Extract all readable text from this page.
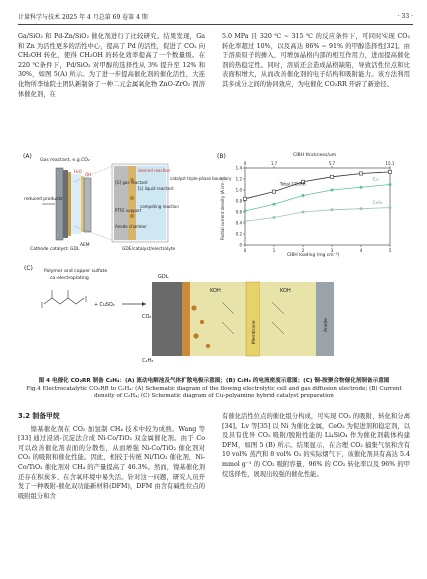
计量科学与技术 2025 年 4 月总第 69 卷第 4 期	· 33 ·

Ga/SiO₂ 和 Pd-Zn/SiO₂ 催化剂进行了比较研究。结果发现，Ga 和 Zn 为活性更多的活性中心，提高了 Pd 的活性，促进了 CO₂ 向 CH₃OH 转化，使得 CH₃OH 的转化效率提高了一个数量级。在 220 ℃条件下，Pd/SiO₂ 对甲醇的选择性从 3% 提升至 12% 和 30%，如图 5(A) 所示。为了进一步提高催化剂的催化活性，大连化物所李灿院士团队新制备了一种二元金属氧化物 ZnO-ZrO₂ 固溶体催化剂，在

5.0 MPa 且 320 ℃ ~ 315 ℃ 的反应条件下，可同时实现 CO₂ 转化率超过 10%，以及高达 86% ~ 91% 的甲醇选择性[32]。由于溶质原子的掺入，可增加晶格内部的相互作用力，进而提高催化剂的热稳定性。同时，溶质还会造成晶格缺陷，导致活性位点和比表面积增大，从而改善催化剂的电子结构和吸附能力。该方法利用其多成分之间的协同效应，为电催化 CO₂RR 开辟了新途径。

(A)
Gas reactant, e.g.CO₂
H₂O
OH
reduced products
Cathode catalyst: GDL
AEM
desired reaction
[G] gas reactant
[L] liquid reactant
PTFE support
Anode chamber
competing reaction
catalyst triple-phase boundary
GDE/catalyst/electrolyte
(B)	CIBH thickness/um
Partial current density (A cm⁻²)
CIBH loading (mg cm⁻²)
0
0.2
0.4
0.6
0.8
1.0
1.2
1.4
0	1	2	3	4	5
0	1.7	5.7	15.1
Total CO₂RR
C₂₊
C₂H₄
(C) Polymer and copper sulfate
co-electroplating
+ CuSO₄
GDL
KOH
Membrane
KOH
Anode
CO₂
C₂H₄
图 4 电催化 CO₂RR 制备 C₂H₄：(A) 流动电解池及气体扩散电极示意图；(B) C₂H₄ 的电流密度示意图；(C) 铜-胺聚合物催化剂制备示意图
Fig.4 Electrocatalytic CO₂RR to C₂H₄: (A) Schematic diagram of the flowing electrolytic cell and gas diffusion electrode; (B) Current density of C₂H₄; (C) Schematic diagram of Cu-polyamine hybrid catalyst preparation
3.2 制备甲烷

镍基催化剂在 CO₂ 加氢制 CH₄ 技术中较为成熟。Wang 等[33] 通过浸渍-沉淀法合成 Ni-Co/TiO₂ 双金属催化剂。由于 Co 可以改善催化剂表面的分散性，从而增强 Ni-Co/TiO₂ 催化剂对 CO₂ 的吸附和催化性能。因此，相较于传统 Ni/TiO₂ 催化剂，Ni-Co/TiO₂ 催化剂对 CH₄ 的产量提高了 46.3%。然而，镍基催化剂还存在积炭多、在含氧环境中易失活。针对这一问题，研究人员开发了一种吸附-催化双功能新材料(DFM)，DFM 由含有碱性位点的吸附组分和含

有催化活性位点的催化组分构成，可实现 CO₂ 的吸附、转化和分离[34]。Lv 等[35] 以 Ni 为催化金属，CeO₂ 为促进剂和稳定剂，以及具有优异 CO₂ 吸附/脱附性能的 Li₄SiO₄ 作为催化剂载体构建 DFM，如图 5 (B) 所示。结果显示，在合理 CO₂ 捕集气氛和含有 10 vol% 蒸汽和 8 vol% O₂ 的实际烟气下，该催化剂具有高达 5.4 mmol g⁻¹ 的 CO₂ 吸附容量、96% 的 CO₂ 转化率以及 96% 的甲烷选择性，展现出较强的催化性能。
